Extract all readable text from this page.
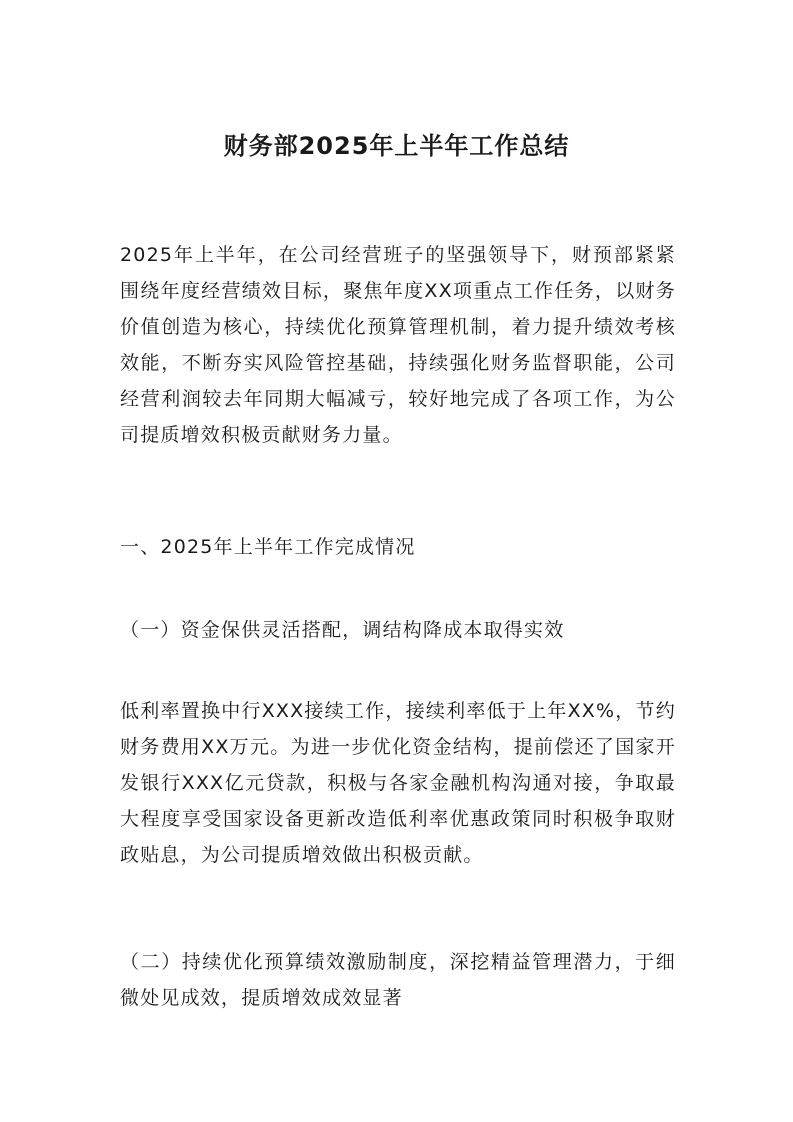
财务部2025年上半年工作总结

2025年上半年，在公司经营班子的坚强领导下，财预部紧紧围绕年度经营绩效目标，聚焦年度XX项重点工作任务，以财务价值创造为核心，持续优化预算管理机制，着力提升绩效考核效能，不断夯实风险管控基础，持续强化财务监督职能，公司经营利润较去年同期大幅减亏，较好地完成了各项工作，为公司提质增效积极贡献财务力量。

一、2025年上半年工作完成情况

（一）资金保供灵活搭配，调结构降成本取得实效

低利率置换中行XXX接续工作，接续利率低于上年XX%，节约财务费用XX万元。为进一步优化资金结构，提前偿还了国家开发银行XXX亿元贷款，积极与各家金融机构沟通对接，争取最大程度享受国家设备更新改造低利率优惠政策同时积极争取财政贴息，为公司提质增效做出积极贡献。

（二）持续优化预算绩效激励制度，深挖精益管理潜力，于细微处见成效，提质增效成效显著
